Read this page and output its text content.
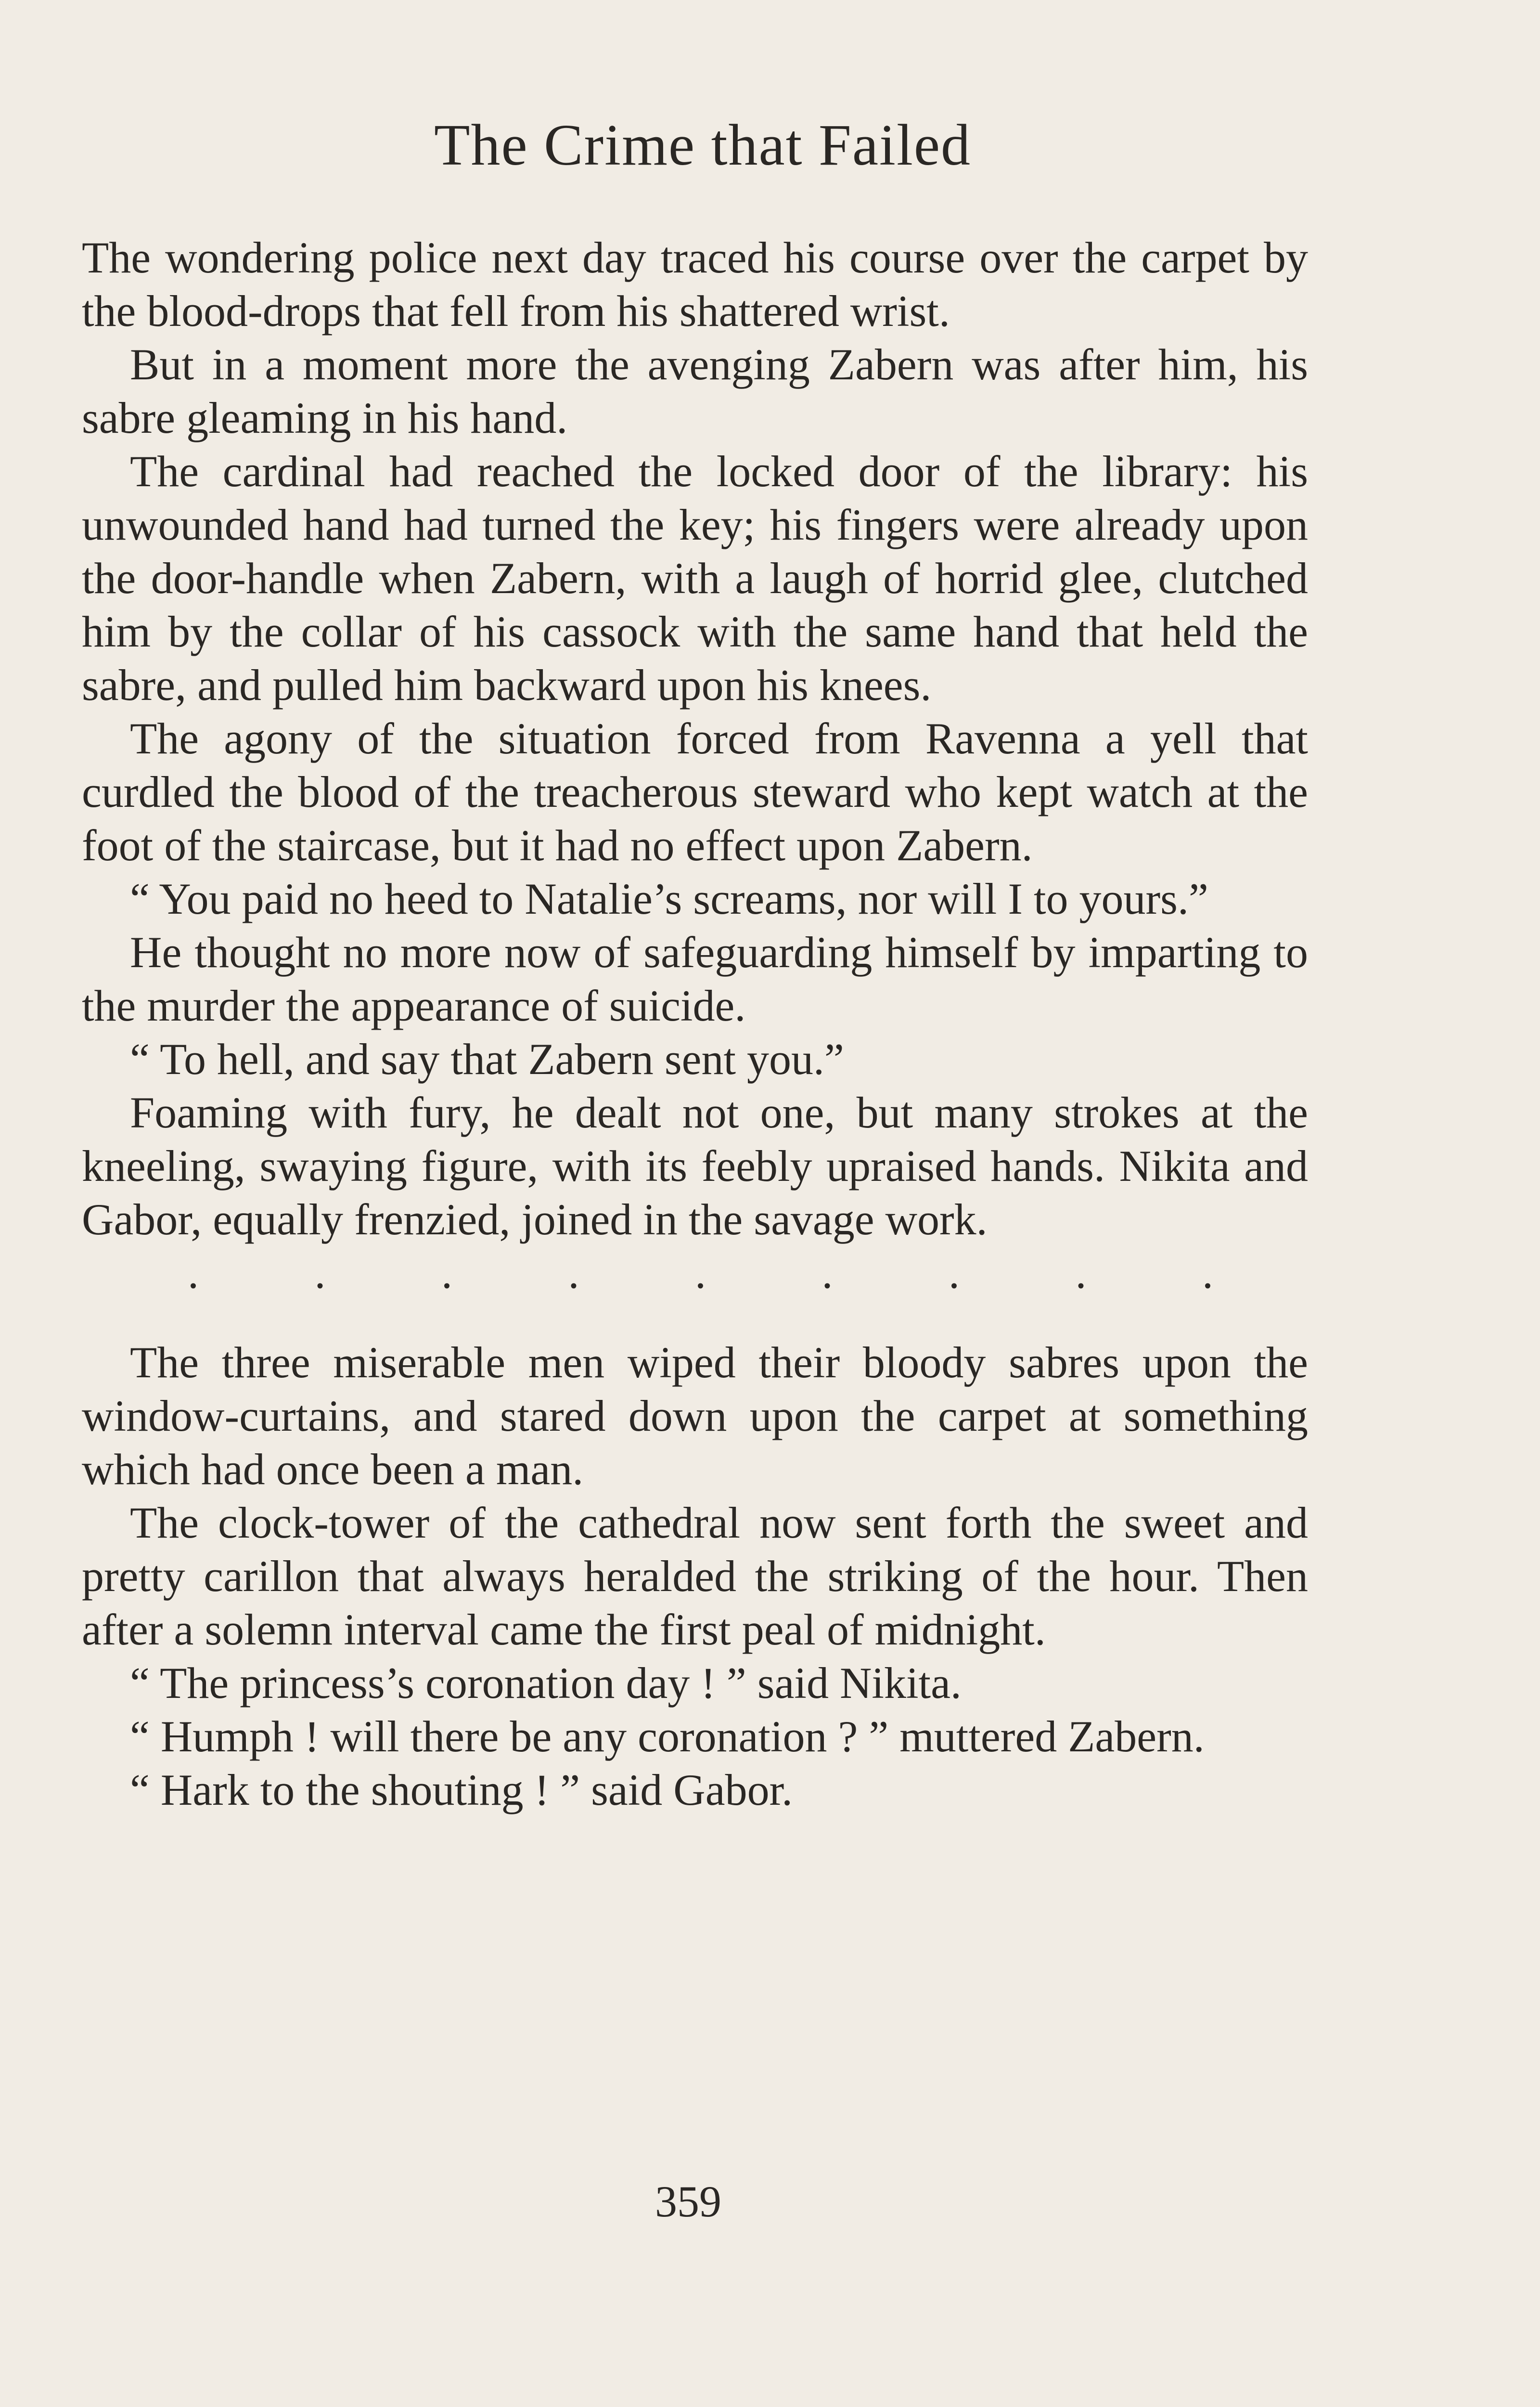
The Crime that Failed

The wondering police next day traced his course over the carpet by the blood-drops that fell from his shattered wrist.

But in a moment more the avenging Zabern was after him, his sabre gleaming in his hand.

The cardinal had reached the locked door of the library: his unwounded hand had turned the key; his fingers were already upon the door-handle when Zabern, with a laugh of horrid glee, clutched him by the collar of his cassock with the same hand that held the sabre, and pulled him backward upon his knees.

The agony of the situation forced from Ravenna a yell that curdled the blood of the treacherous steward who kept watch at the foot of the staircase, but it had no effect upon Zabern.

“ You paid no heed to Natalie’s screams, nor will I to yours.”

He thought no more now of safeguarding himself by imparting to the murder the appearance of suicide.

“ To hell, and say that Zabern sent you.”

Foaming with fury, he dealt not one, but many strokes at the kneeling, swaying figure, with its feebly upraised hands. Nikita and Gabor, equally frenzied, joined in the savage work.

.	.	.	.	.	.	.	.	.

The three miserable men wiped their bloody sabres upon the window-curtains, and stared down upon the carpet at something which had once been a man.

The clock-tower of the cathedral now sent forth the sweet and pretty carillon that always heralded the striking of the hour. Then after a solemn interval came the first peal of midnight.

“ The princess’s coronation day ! ” said Nikita.

“ Humph ! will there be any coronation ? ” muttered Zabern.

“ Hark to the shouting ! ” said Gabor.

359
